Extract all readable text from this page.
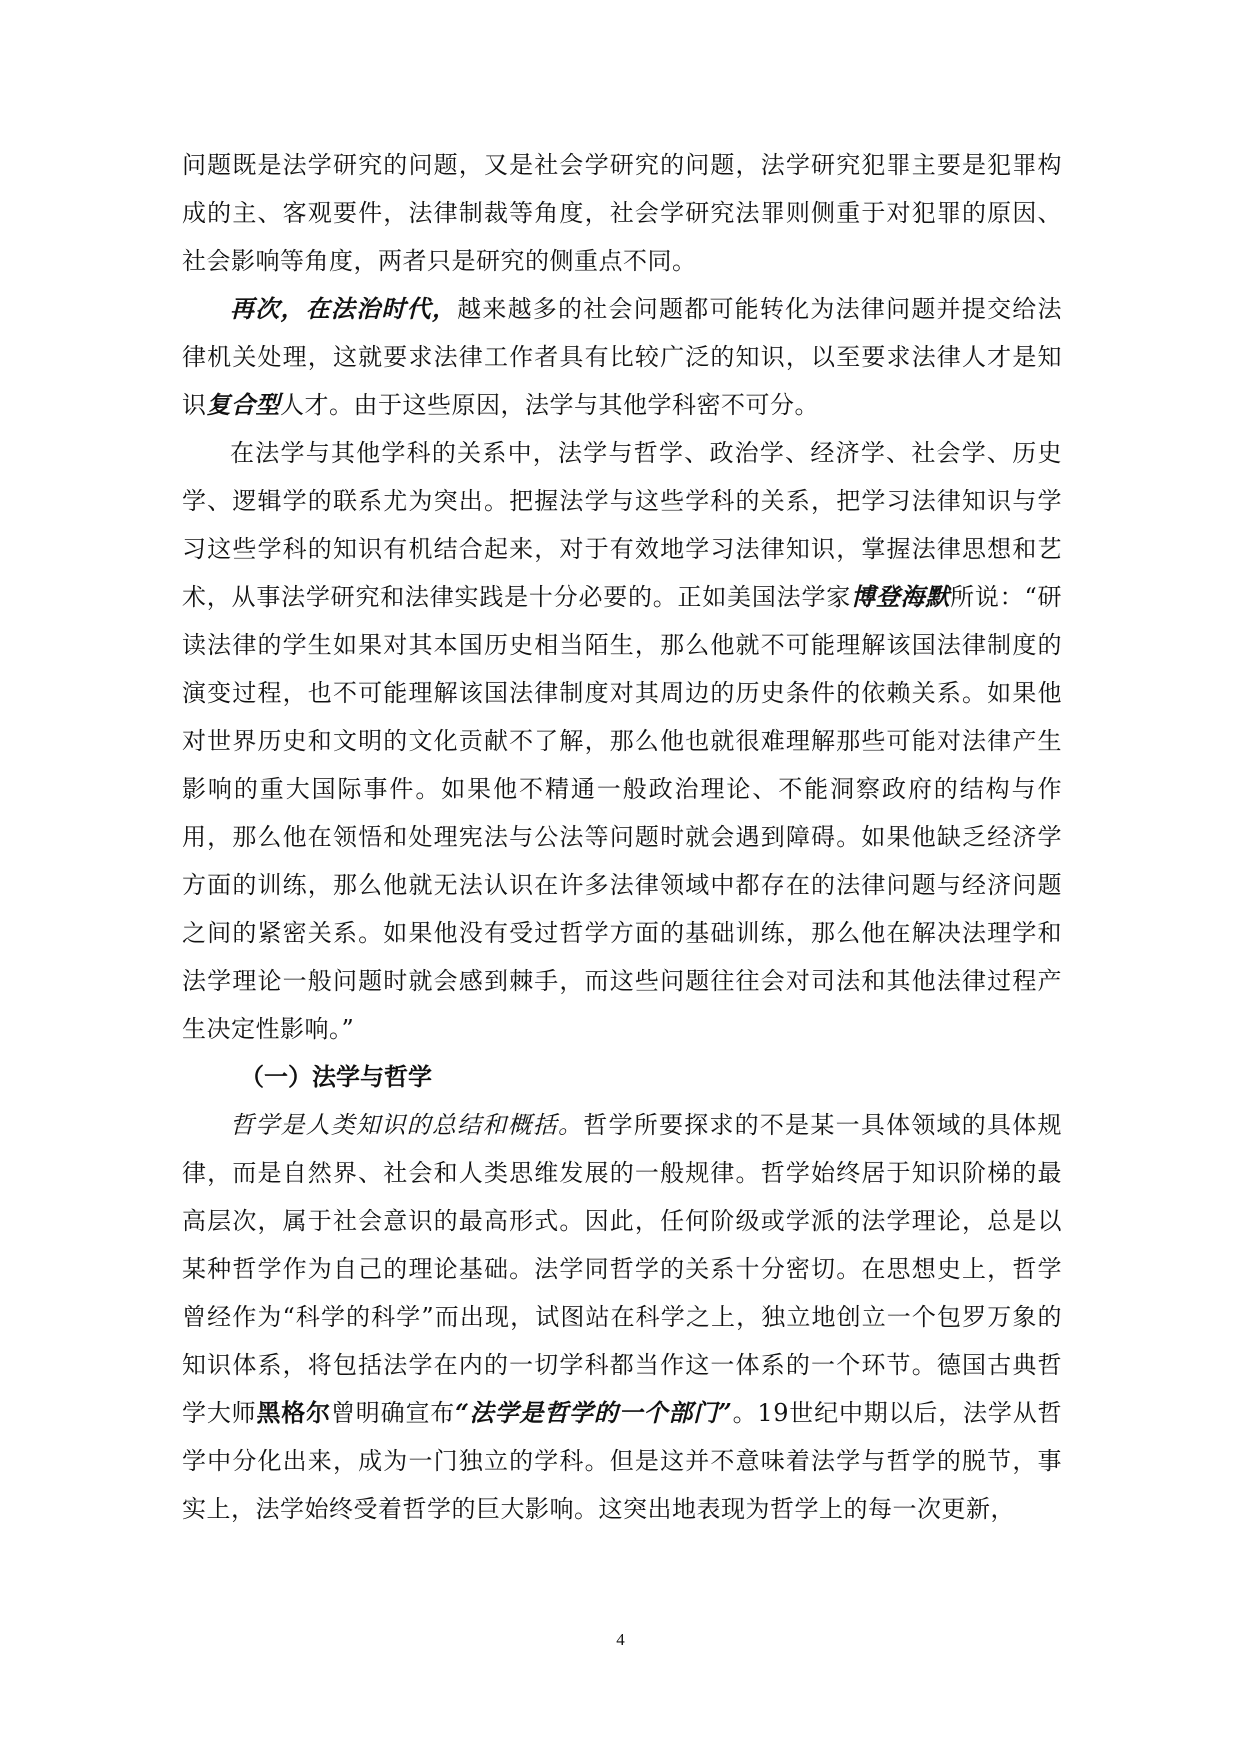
问题既是法学研究的问题，又是社会学研究的问题，法学研究犯罪主要是犯罪构成的主、客观要件，法律制裁等角度，社会学研究法罪则侧重于对犯罪的原因、社会影响等角度，两者只是研究的侧重点不同。

再次，在法治时代，越来越多的社会问题都可能转化为法律问题并提交给法律机关处理，这就要求法律工作者具有比较广泛的知识，以至要求法律人才是知识复合型人才。由于这些原因，法学与其他学科密不可分。

在法学与其他学科的关系中，法学与哲学、政治学、经济学、社会学、历史学、逻辑学的联系尤为突出。把握法学与这些学科的关系，把学习法律知识与学习这些学科的知识有机结合起来，对于有效地学习法律知识，掌握法律思想和艺术，从事法学研究和法律实践是十分必要的。正如美国法学家博登海默所说：“研读法律的学生如果对其本国历史相当陌生，那么他就不可能理解该国法律制度的演变过程，也不可能理解该国法律制度对其周边的历史条件的依赖关系。如果他对世界历史和文明的文化贡献不了解，那么他也就很难理解那些可能对法律产生影响的重大国际事件。如果他不精通一般政治理论、不能洞察政府的结构与作用，那么他在领悟和处理宪法与公法等问题时就会遇到障碍。如果他缺乏经济学方面的训练，那么他就无法认识在许多法律领域中都存在的法律问题与经济问题之间的紧密关系。如果他没有受过哲学方面的基础训练，那么他在解决法理学和法学理论一般问题时就会感到棘手，而这些问题往往会对司法和其他法律过程产生决定性影响。”

（一）法学与哲学

哲学是人类知识的总结和概括。哲学所要探求的不是某一具体领域的具体规律，而是自然界、社会和人类思维发展的一般规律。哲学始终居于知识阶梯的最高层次，属于社会意识的最高形式。因此，任何阶级或学派的法学理论，总是以某种哲学作为自己的理论基础。法学同哲学的关系十分密切。在思想史上，哲学曾经作为“科学的科学”而出现，试图站在科学之上，独立地创立一个包罗万象的知识体系，将包括法学在内的一切学科都当作这一体系的一个环节。德国古典哲学大师黑格尔曾明确宣布“法学是哲学的一个部门”。19世纪中期以后，法学从哲学中分化出来，成为一门独立的学科。但是这并不意味着法学与哲学的脱节，事实上，法学始终受着哲学的巨大影响。这突出地表现为哲学上的每一次更新，

4
